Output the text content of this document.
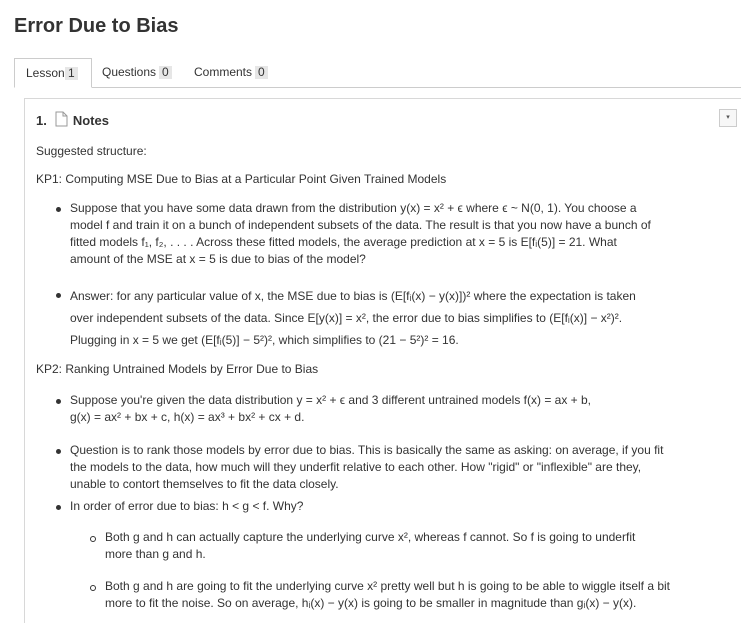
Error Due to Bias
Lesson 1 Questions 0	Comments 0
1. Notes	▾
Suggested structure:
KP1: Computing MSE Due to Bias at a Particular Point Given Trained Models
Suppose that you have some data drawn from the distribution y(x) = x² + ϵ where ϵ ~ N(0, 1). You choose a
model f and train it on a bunch of independent subsets of the data. The result is that you now have a bunch of
fitted models f₁, f₂, . . . . Across these fitted models, the average prediction at x = 5 is E[fᵢ(5)] = 21. What
amount of the MSE at x = 5 is due to bias of the model?
Answer: for any particular value of x, the MSE due to bias is (E[fᵢ(x) − y(x)])² where the expectation is taken
over independent subsets of the data. Since E[y(x)] = x², the error due to bias simplifies to (E[fᵢ(x)] − x²)².
Plugging in x = 5 we get (E[fᵢ(5)] − 5²)², which simplifies to (21 − 5²)² = 16.
KP2: Ranking Untrained Models by Error Due to Bias
Suppose you're given the data distribution y = x² + ϵ and 3 different untrained models f(x) = ax + b,
g(x) = ax² + bx + c, h(x) = ax³ + bx² + cx + d.
Question is to rank those models by error due to bias. This is basically the same as asking: on average, if you fit
the models to the data, how much will they underfit relative to each other. How "rigid" or "inflexible" are they,
unable to contort themselves to fit the data closely.
In order of error due to bias: h < g < f. Why?
Both g and h can actually capture the underlying curve x², whereas f cannot. So f is going to underfit
more than g and h.
Both g and h are going to fit the underlying curve x² pretty well but h is going to be able to wiggle itself a bit
more to fit the noise. So on average, hᵢ(x) − y(x) is going to be smaller in magnitude than gᵢ(x) − y(x).
